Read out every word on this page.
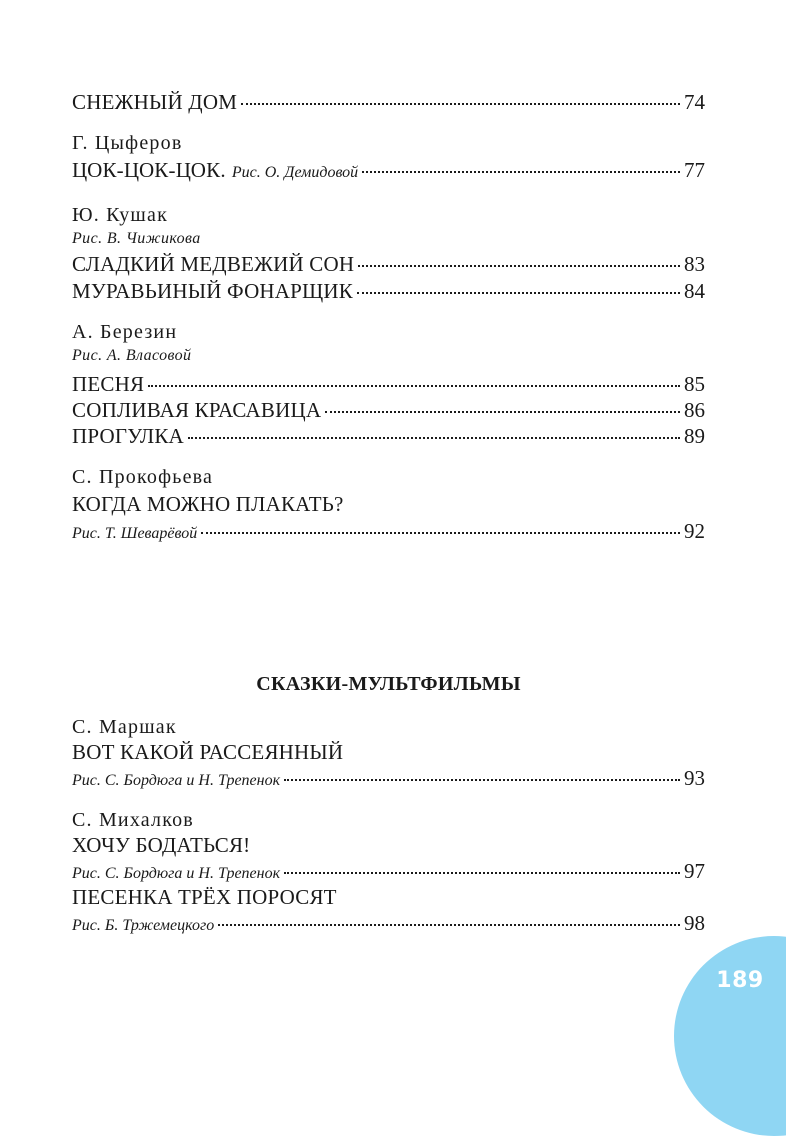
СНЕЖНЫЙ ДОМ	74
Г. Цыферов
ЦОК-ЦОК-ЦОК. Рис. О. Демидовой	77
Ю. Кушак
Рис. В. Чижикова
СЛАДКИЙ МЕДВЕЖИЙ СОН	83
МУРАВЬИНЫЙ ФОНАРЩИК	84
А. Березин
Рис. А. Власовой
ПЕСНЯ	85
СОПЛИВАЯ КРАСАВИЦА	86
ПРОГУЛКА	89
С. Прокофьева
КОГДА МОЖНО ПЛАКАТЬ?
Рис. Т. Шеварёвой	92
СКАЗКИ-МУЛЬТФИЛЬМЫ
С. Маршак
ВОТ КАКОЙ РАССЕЯННЫЙ
Рис. С. Бордюга и Н. Трепенок	93
С. Михалков
ХОЧУ БОДАТЬСЯ!
Рис. С. Бордюга и Н. Трепенок	97
ПЕСЕНКА ТРЁХ ПОРОСЯТ
Рис. Б. Тржемецкого	98
189
